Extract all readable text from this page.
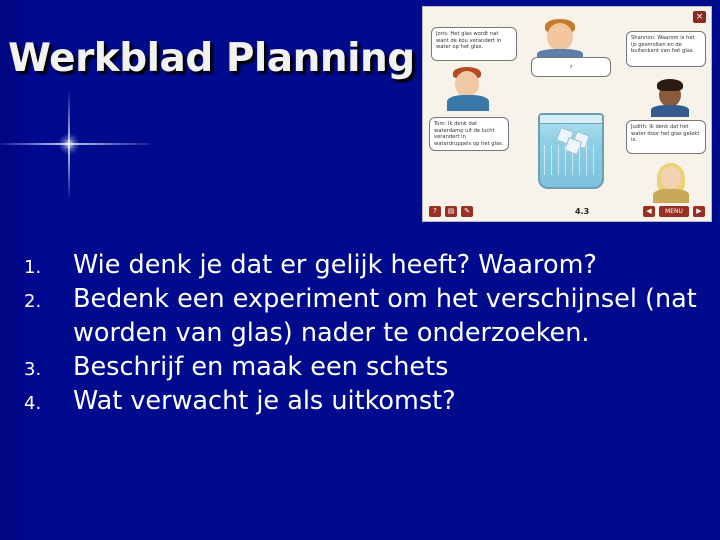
Werkblad Planning
×
Joris: Het glas wordt nat want de kou verandert in water op het glas.
Shannon: Waarom is het ijs gesmolten en de buitenkant van het glas.
?
Tom: Ik denk dat waterdamp uit de lucht verandert in waterdruppels op het glas.
Judith: Ik denk dat het water door het glas gelekt is.
?	▤	✎	4.3	◀	MENU	▶
1. Wie denk je dat er gelijk heeft? Waarom?
2. Bedenk een experiment om het verschijnsel (nat worden van glas) nader te onderzoeken.
3. Beschrijf en maak een schets
4. Wat verwacht je als uitkomst?
